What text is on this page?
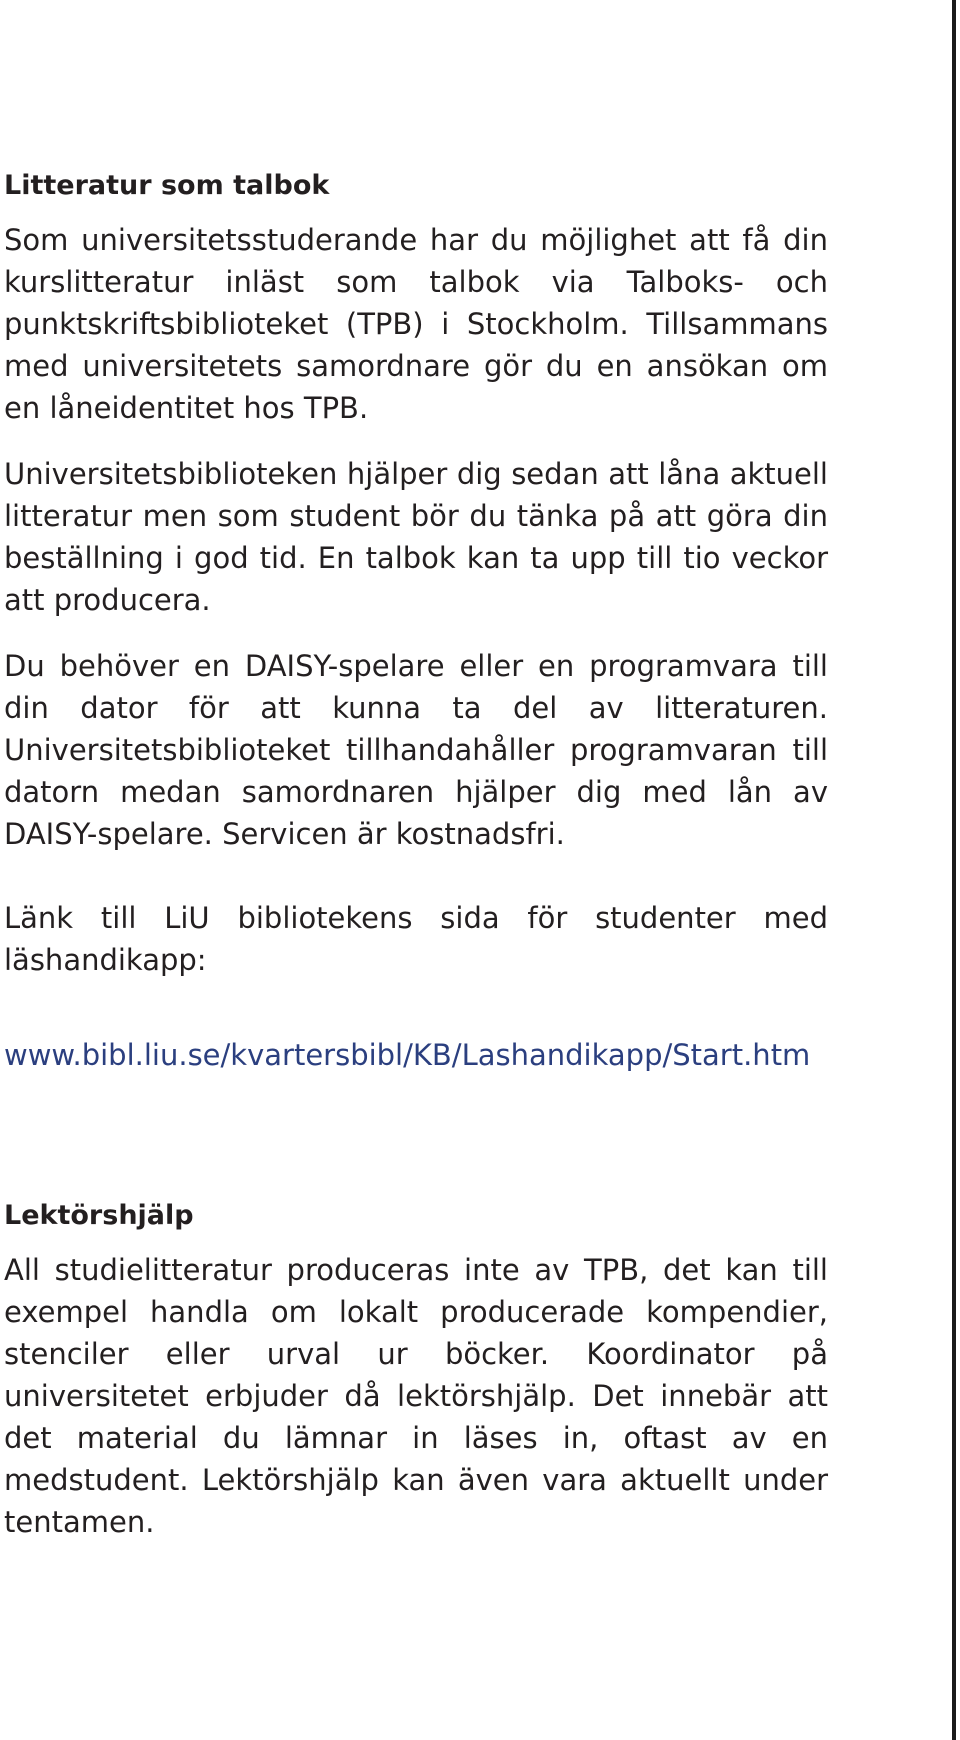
Litteratur som talbok

Som universitetsstuderande har du möjlighet att få din kurslitteratur inläst som talbok via Talboks- och punktskriftsbiblioteket (TPB) i Stockholm. Tillsammans med universitetets samordnare gör du en ansökan om en låneidentitet hos TPB.

Universitetsbiblioteken hjälper dig sedan att låna aktuell litteratur men som student bör du tänka på att göra din beställning i god tid. En talbok kan ta upp till tio veckor att producera.

Du behöver en DAISY-spelare eller en programvara till din dator för att kunna ta del av litteraturen. Universitetsbiblioteket tillhandahåller programvaran till datorn medan samordnaren hjälper dig med lån av DAISY-spelare. Servicen är kostnadsfri.

Länk till LiU bibliotekens sida för studenter med läshandikapp:

www.bibl.liu.se/kvartersbibl/KB/Lashandikapp/Start.htm
Lektörshjälp

All studielitteratur produceras inte av TPB, det kan till exempel handla om lokalt producerade kompendier, stenciler eller urval ur böcker. Koordinator på universitetet erbjuder då lektörshjälp. Det innebär att det material du lämnar in läses in, oftast av en medstudent. Lektörshjälp kan även vara aktuellt under tentamen.
